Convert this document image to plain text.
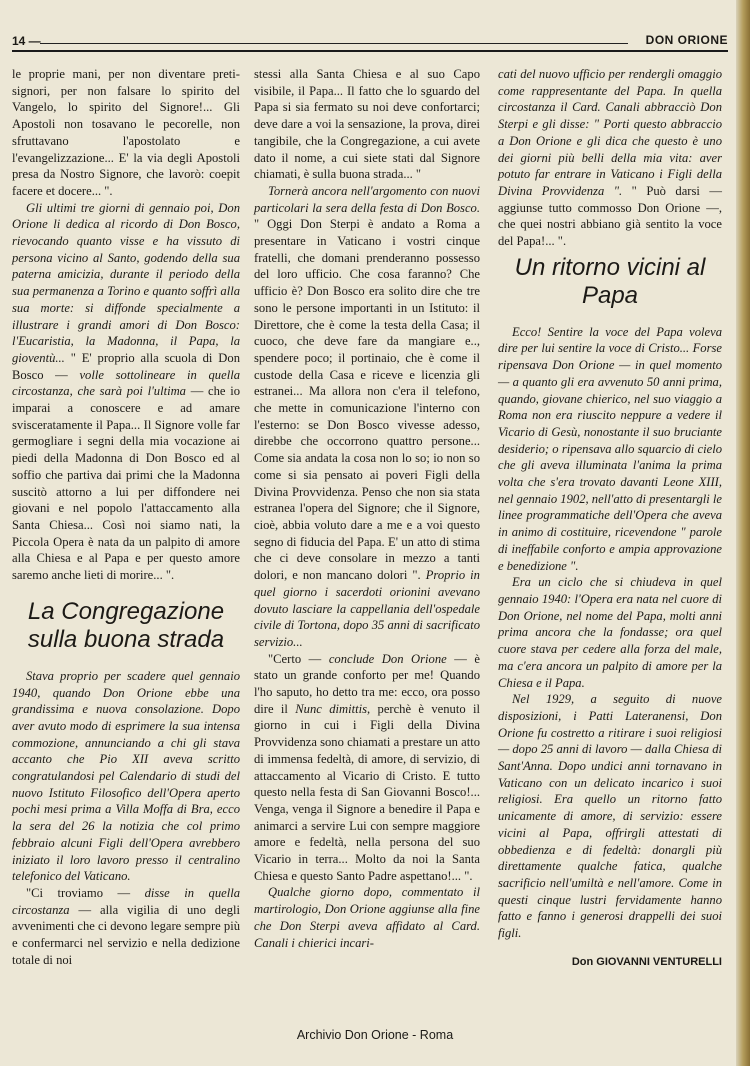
14 —	DON ORIONE

le proprie mani, per non diventare preti-signori, per non falsare lo spirito del Vangelo, lo spirito del Signore!... Gli Apostoli non tosavano le pecorelle, non sfruttavano l'apostolato e l'evangelizzazione... E' la via degli Apostoli presa da Nostro Signore, che lavorò: coepit facere et docere... ".

Gli ultimi tre giorni di gennaio poi, Don Orione li dedica al ricordo di Don Bosco, rievocando quanto visse e ha vissuto di persona vicino al Santo, godendo della sua paterna amicizia, durante il periodo della sua permanenza a Torino e quanto soffrì alla sua morte: si diffonde specialmente a illustrare i grandi amori di Don Bosco: l'Eucaristia, la Madonna, il Papa, la gioventù... " E' proprio alla scuola di Don Bosco — volle sottolineare in quella circostanza, che sarà poi l'ultima — che io imparai a conoscere e ad amare svisceratamente il Papa... Il Signore volle far germogliare i segni della mia vocazione ai piedi della Madonna di Don Bosco ed al soffio che partiva dai primi che la Madonna suscitò attorno a lui per diffondere nei giovani e nel popolo l'attaccamento alla Santa Chiesa... Così noi siamo nati, la Piccola Opera è nata da un palpito di amore alla Chiesa e al Papa e per questo amore saremo anche lieti di morire... ".

La Congregazione sulla buona strada

Stava proprio per scadere quel gennaio 1940, quando Don Orione ebbe una grandissima e nuova consolazione. Dopo aver avuto modo di esprimere la sua intensa commozione, annunciando a chi gli stava accanto che Pio XII aveva scritto congratulandosi pel Calendario di studi del nuovo Istituto Filosofico dell'Opera aperto pochi mesi prima a Villa Moffa di Bra, ecco la sera del 26 la notizia che col primo febbraio alcuni Figli dell'Opera avrebbero iniziato il loro lavoro presso il centralino telefonico del Vaticano.

"Ci troviamo — disse in quella circostanza — alla vigilia di uno degli avvenimenti che ci devono legare sempre più e confermarci nel servizio e nella dedizione totale di noi

stessi alla Santa Chiesa e al suo Capo visibile, il Papa... Il fatto che lo sguardo del Papa si sia fermato su noi deve confortarci; deve dare a voi la sensazione, la prova, direi tangibile, che la Congregazione, a cui avete dato il nome, a cui siete stati dal Signore chiamati, è sulla buona strada... "

Tornerà ancora nell'argomento con nuovi particolari la sera della festa di Don Bosco. " Oggi Don Sterpi è andato a Roma a presentare in Vaticano i vostri cinque fratelli, che domani prenderanno possesso del loro ufficio. Che cosa faranno? Che ufficio è? Don Bosco era solito dire che tre sono le persone importanti in un Istituto: il Direttore, che è come la testa della Casa; il cuoco, che deve fare da mangiare e.., spendere poco; il portinaio, che è come il custode della Casa e riceve e licenzia gli estranei... Ma allora non c'era il telefono, che mette in comunicazione l'interno con l'esterno: se Don Bosco vivesse adesso, direbbe che occorrono quattro persone... Come sia andata la cosa non lo so; io non so come si sia pensato ai poveri Figli della Divina Provvidenza. Penso che non sia stata estranea l'opera del Signore; che il Signore, cioè, abbia voluto dare a me e a voi questo segno di fiducia del Papa. E' un atto di stima che ci deve consolare in mezzo a tanti dolori, e non mancano dolori ". Proprio in quel giorno i sacerdoti orionini avevano dovuto lasciare la cappellania dell'ospedale civile di Tortona, dopo 35 anni di sacrificato servizio...

"Certo — conclude Don Orione — è stato un grande conforto per me! Quando l'ho saputo, ho detto tra me: ecco, ora posso dire il Nunc dimittis, perchè è venuto il giorno in cui i Figli della Divina Provvidenza sono chiamati a prestare un atto di immensa fedeltà, di amore, di servizio, di attaccamento al Vicario di Cristo. E tutto questo nella festa di San Giovanni Bosco!... Venga, venga il Signore a benedire il Papa e animarci a servire Lui con sempre maggiore amore e fedeltà, nella persona del suo Vicario in terra... Molto da noi la Santa Chiesa e questo Santo Padre aspettano!... ".

Qualche giorno dopo, commentato il martirologio, Don Orione aggiunse alla fine che Don Sterpi aveva affidato al Card. Canali i chierici incari-

cati del nuovo ufficio per rendergli omaggio come rappresentante del Papa. In quella circostanza il Card. Canali abbracciò Don Sterpi e gli disse: " Porti questo abbraccio a Don Orione e gli dica che questo è uno dei giorni più belli della mia vita: aver potuto far entrare in Vaticano i Figli della Divina Provvidenza ". " Può darsi — aggiunse tutto commosso Don Orione —, che quei nostri abbiano già sentito la voce del Papa!... ".

Un ritorno vicini al Papa

Ecco! Sentire la voce del Papa voleva dire per lui sentire la voce di Cristo... Forse ripensava Don Orione — in quel momento — a quanto gli era avvenuto 50 anni prima, quando, giovane chierico, nel suo viaggio a Roma non era riuscito neppure a vedere il Vicario di Gesù, nonostante il suo bruciante desiderio; o ripensava allo squarcio di cielo che gli aveva illuminata l'anima la prima volta che s'era trovato davanti Leone XIII, nel gennaio 1902, nell'atto di presentargli le linee programmatiche dell'Opera che aveva in animo di costituire, ricevendone " parole di ineffabile conforto e ampia approvazione e benedizione ".

Era un ciclo che si chiudeva in quel gennaio 1940: l'Opera era nata nel cuore di Don Orione, nel nome del Papa, molti anni prima ancora che la fondasse; ora quel cuore stava per cedere alla forza del male, ma c'era ancora un palpito di amore per la Chiesa e il Papa.

Nel 1929, a seguito di nuove disposizioni, i Patti Lateranensi, Don Orione fu costretto a ritirare i suoi religiosi — dopo 25 anni di lavoro — dalla Chiesa di Sant'Anna. Dopo undici anni tornavano in Vaticano con un delicato incarico i suoi religiosi. Era quello un ritorno fatto unicamente di amore, di servizio: essere vicini al Papa, offrirgli attestati di obbedienza e di fedeltà: donargli più direttamente qualche fatica, qualche sacrificio nell'umiltà e nell'amore. Come in questi cinque lustri fervidamente hanno fatto e fanno i generosi drappelli dei suoi figli.

Don GIOVANNI VENTURELLI
Archivio Don Orione - Roma
